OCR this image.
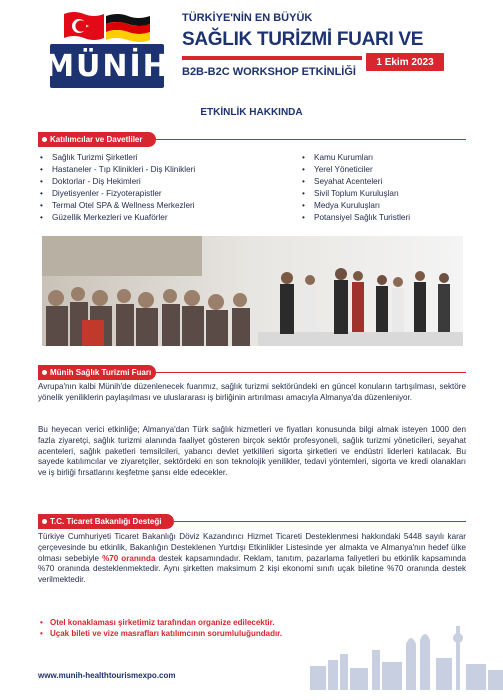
MÜNİH
TÜRKİYE'NİN EN BÜYÜK
SAĞLIK TURİZMİ FUARI VE
1 Ekim 2023
B2B-B2C WORKSHOP ETKİNLİĞİ
ETKİNLİK HAKKINDA
Katılımcılar ve Davetliler
• Sağlık Turizmi Şirketleri
• Hastaneler - Tıp Klinikleri - Diş Klinikleri
• Doktorlar - Diş Hekimleri
• Diyetisyenler - Fizyoterapistler
• Termal Otel SPA & Wellness Merkezleri
• Güzellik Merkezleri ve Kuaförler
• Kamu Kurumları
• Yerel Yöneticiler
• Seyahat Acenteleri
• Sivil Toplum Kuruluşları
• Medya Kuruluşları
• Potansiyel Sağlık Turistleri
Münih Sağlık Turizmi Fuarı

Avrupa'nın kalbi Münih'de düzenlenecek fuarımız, sağlık turizmi sektöründeki en güncel konuların tartışılması, sektöre yönelik yeniliklerin paylaşılması ve uluslararası iş birliğinin artırılması amacıyla Almanya'da düzenleniyor.

Bu heyecan verici etkinliğe; Almanya'dan Türk sağlık hizmetleri ve fiyatları konusunda bilgi almak isteyen 1000 den fazla ziyaretçi, sağlık turizmi alanında faaliyet gösteren birçok sektör profesyoneli, sağlık turizmi yöneticileri, seyahat acenteleri, sağlık paketleri temsilcileri, yabancı devlet yetkilileri sigorta şirketleri ve endüstri liderleri katılacak. Bu sayede katılımcılar ve ziyaretçiler, sektördeki en son teknolojik yenilikler, tedavi yöntemleri, sigorta ve kredi olanakları ve iş birliği fırsatlarını keşfetme şansı elde edecekler.

T.C. Ticaret Bakanlığı Desteği

Türkiye Cumhuriyeti Ticaret Bakanlığı Döviz Kazandırıcı Hizmet Ticareti Desteklenmesi hakkındaki 5448 sayılı karar çerçevesinde bu etkinlik, Bakanlığın Desteklenen Yurtdışı Etkinlikler Listesinde yer almakta ve Almanya'nın hedef ülke olması sebebiyle %70 oranında destek kapsamındadır. Reklam, tanıtım, pazarlama faliyetleri bu etkinlik kapsamında %70 oranında desteklenmektedir. Aynı şirketten maksimum 2 kişi ekonomi sınıfı uçak biletine %70 oranında destek verilmektedir.

• Otel konaklaması şirketimiz tarafından organize edilecektir.
• Uçak bileti ve vize masrafları katılımcının sorumluluğundadır.
www.munih-healthtourismexpo.com
